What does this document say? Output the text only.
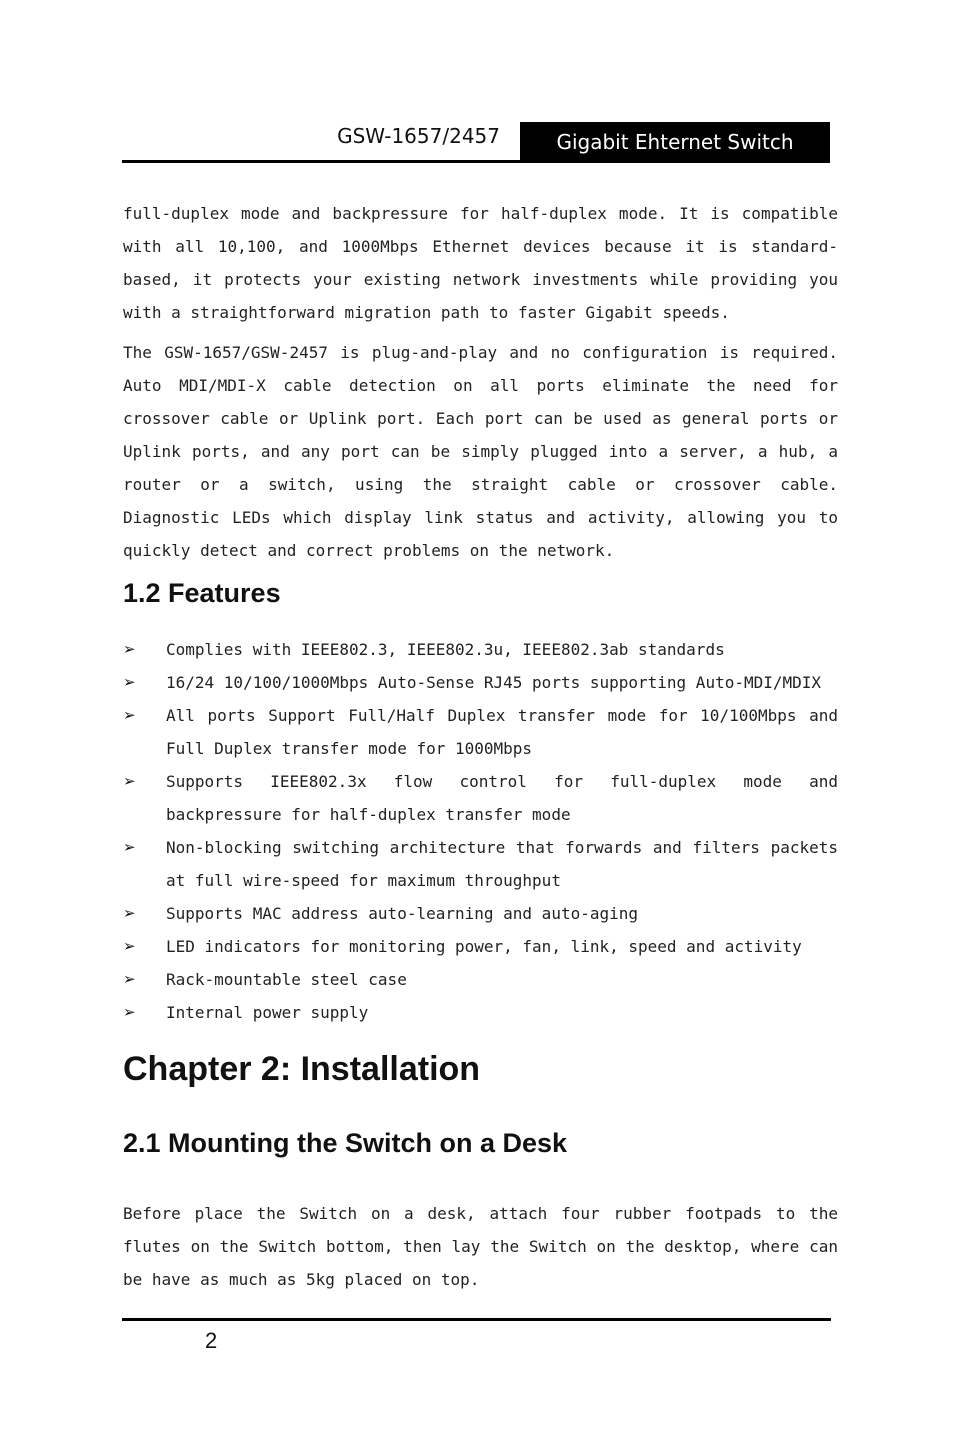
GSW-1657/2457	Gigabit Ehternet Switch

full-duplex mode and backpressure for half-duplex mode. It is compatible with all 10,100, and 1000Mbps Ethernet devices because it is standard-based, it protects your existing network investments while providing you with a straightforward migration path to faster Gigabit speeds.

The GSW-1657/GSW-2457 is plug-and-play and no configuration is required. Auto MDI/MDI-X cable detection on all ports eliminate the need for crossover cable or Uplink port. Each port can be used as general ports or Uplink ports, and any port can be simply plugged into a server, a hub, a router or a switch, using the straight cable or crossover cable. Diagnostic LEDs which display link status and activity, allowing you to quickly detect and correct problems on the network.

1.2 Features
➢ Complies with IEEE802.3, IEEE802.3u, IEEE802.3ab standards
➢ 16/24 10/100/1000Mbps Auto-Sense RJ45 ports supporting Auto-MDI/MDIX
➢ All ports Support Full/Half Duplex transfer mode for 10/100Mbps and Full Duplex transfer mode for 1000Mbps
➢ Supports IEEE802.3x flow control for full-duplex mode and backpressure for half-duplex transfer mode
➢ Non-blocking switching architecture that forwards and filters packets at full wire-speed for maximum throughput
➢ Supports MAC address auto-learning and auto-aging
➢ LED indicators for monitoring power, fan, link, speed and activity
➢ Rack-mountable steel case
➢ Internal power supply
Chapter 2: Installation
2.1 Mounting the Switch on a Desk

Before place the Switch on a desk, attach four rubber footpads to the flutes on the Switch bottom, then lay the Switch on the desktop, where can be have as much as 5kg placed on top.

2
